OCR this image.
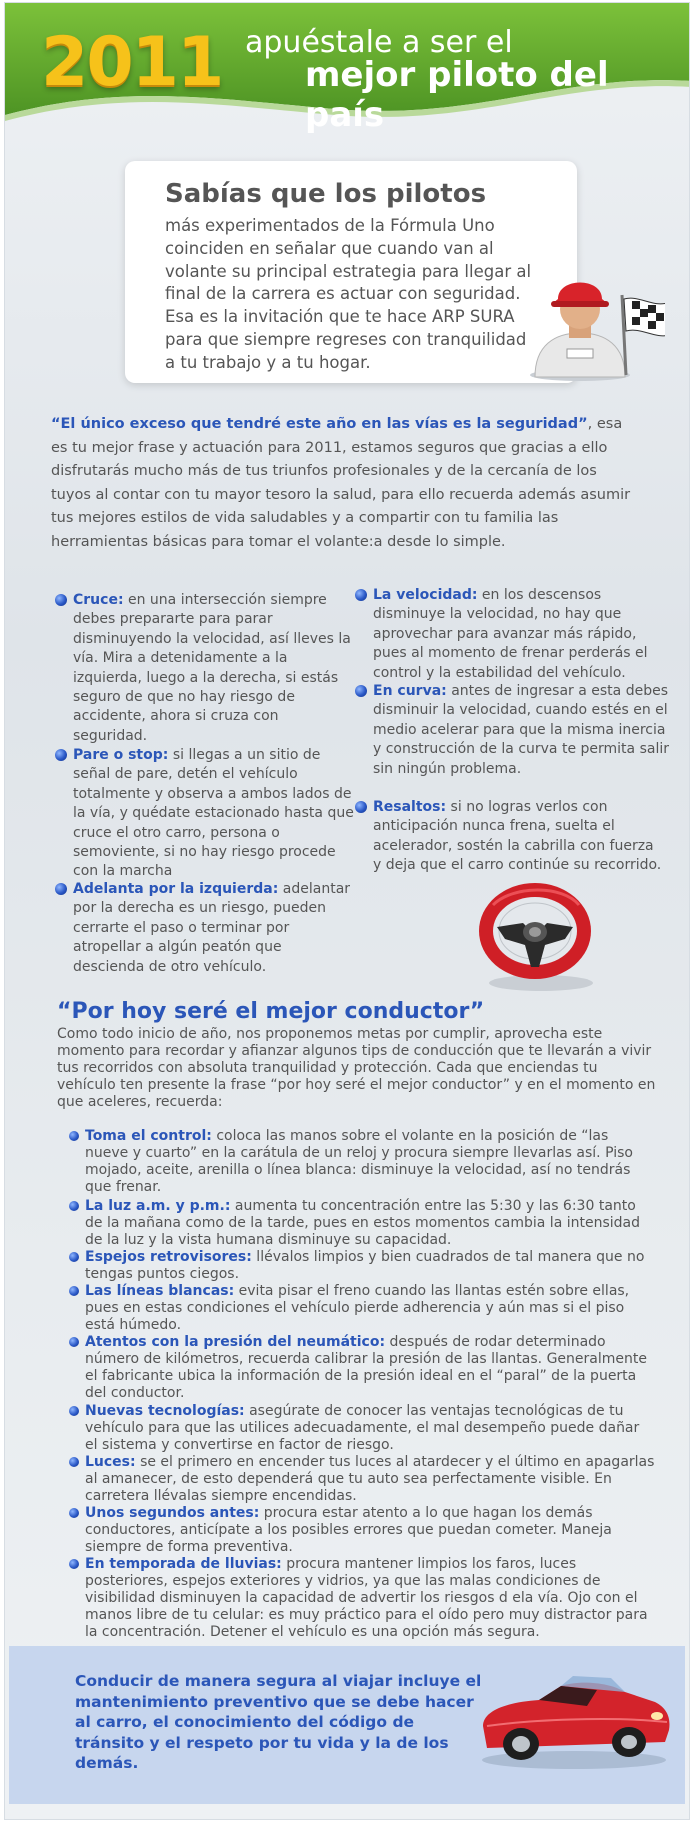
2011 apuéstale a ser el
mejor piloto del país
Sabías que los pilotos
más experimentados de la Fórmula Uno coinciden en señalar que cuando van al volante su principal estrategia para llegar al final de la carrera es actuar con seguridad. Esa es la invitación que te hace ARP SURA para que siempre regreses con tranquilidad a tu trabajo y a tu hogar.
“El único exceso que tendré este año en las vías es la seguridad”, esa es tu mejor frase y actuación para 2011, estamos seguros que gracias a ello disfrutarás mucho más de tus triunfos profesionales y de la cercanía de los tuyos al contar con tu mayor tesoro la salud, para ello recuerda además asumir tus mejores estilos de vida saludables y a compartir con tu familia las herramientas básicas para tomar el volante:a desde lo simple.
Cruce: en una intersección siempre debes prepararte para parar disminuyendo la velocidad, así lleves la vía. Mira a detenidamente a la izquierda, luego a la derecha, si estás seguro de que no hay riesgo de accidente, ahora si cruza con seguridad.
Pare o stop: si llegas a un sitio de señal de pare, detén el vehículo totalmente y observa a ambos lados de la vía, y quédate estacionado hasta que cruce el otro carro, persona o semoviente, si no hay riesgo procede con la marcha
Adelanta por la izquierda: adelantar por la derecha es un riesgo, pueden cerrarte el paso o terminar por atropellar a algún peatón que descienda de otro vehículo.
La velocidad: en los descensos disminuye la velocidad, no hay que aprovechar para avanzar más rápido, pues al momento de frenar perderás el control y la estabilidad del vehículo.
En curva: antes de ingresar a esta debes disminuir la velocidad, cuando estés en el medio acelerar para que la misma inercia y construcción de la curva te permita salir sin ningún problema.
Resaltos: si no logras verlos con anticipación nunca frena, suelta el acelerador, sostén la cabrilla con fuerza y deja que el carro continúe su recorrido.
“Por hoy seré el mejor conductor”
Como todo inicio de año, nos proponemos metas por cumplir, aprovecha este momento para recordar y afianzar algunos tips de conducción que te llevarán a vivir tus recorridos con absoluta tranquilidad y protección. Cada que enciendas tu vehículo ten presente la frase “por hoy seré el mejor conductor” y en el momento en que aceleres, recuerda:
Toma el control: coloca las manos sobre el volante en la posición de “las nueve y cuarto” en la carátula de un reloj y procura siempre llevarlas así. Piso mojado, aceite, arenilla o línea blanca: disminuye la velocidad, así no tendrás que frenar.
La luz a.m. y p.m.: aumenta tu concentración entre las 5:30 y las 6:30 tanto de la mañana como de la tarde, pues en estos momentos cambia la intensidad de la luz y la vista humana disminuye su capacidad.
Espejos retrovisores: llévalos limpios y bien cuadrados de tal manera que no tengas puntos ciegos.
Las líneas blancas: evita pisar el freno cuando las llantas estén sobre ellas, pues en estas condiciones el vehículo pierde adherencia y aún mas si el piso está húmedo.
Atentos con la presión del neumático: después de rodar determinado número de kilómetros, recuerda calibrar la presión de las llantas. Generalmente el fabricante ubica la información de la presión ideal en el “paral” de la puerta del conductor.
Nuevas tecnologías: asegúrate de conocer las ventajas tecnológicas de tu vehículo para que las utilices adecuadamente, el mal desempeño puede dañar el sistema y convertirse en factor de riesgo.
Luces: se el primero en encender tus luces al atardecer y el último en apagarlas al amanecer, de esto dependerá que tu auto sea perfectamente visible. En carretera llévalas siempre encendidas.
Unos segundos antes: procura estar atento a lo que hagan los demás conductores, anticípate a los posibles errores que puedan cometer. Maneja siempre de forma preventiva.
En temporada de lluvias: procura mantener limpios los faros, luces posteriores, espejos exteriores y vidrios, ya que las malas condiciones de visibilidad disminuyen la capacidad de advertir los riesgos d ela vía. Ojo con el manos libre de tu celular: es muy práctico para el oído pero muy distractor para la concentración. Detener el vehículo es una opción más segura.
Conducir de manera segura al viajar incluye el mantenimiento preventivo que se debe hacer al carro, el conocimiento del código de tránsito y el respeto por tu vida y la de los demás.
